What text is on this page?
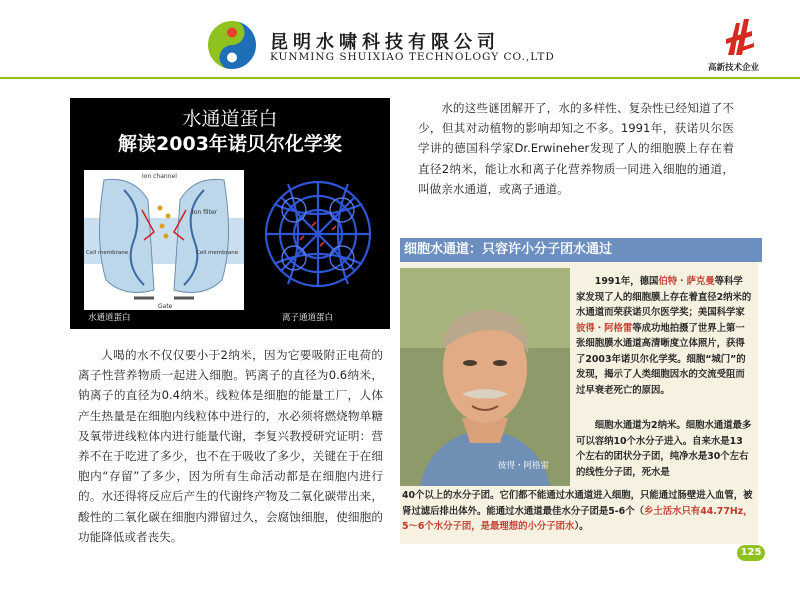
昆明水啸科技有限公司
KUNMING SHUIXIAO TECHNOLOGY CO.,LTD
高新技术企业
水通道蛋白
解读2003年诺贝尔化学奖
Ion channel
Ion filter
Cell membrane	Cell membrane
Gate
水通道蛋白	离子通道蛋白
人喝的水不仅仅要小于2纳米，因为它要吸附正电荷的离子性营养物质一起进入细胞。钙离子的直径为0.6纳米，钠离子的直径为0.4纳米。线粒体是细胞的能量工厂，人体产生热量是在细胞内线粒体中进行的，水必须将燃烧物单糖及氧带进线粒体内进行能量代谢，李复兴教授研究证明：营养不在于吃进了多少，也不在于吸收了多少，关键在于在细胞内“存留”了多少，因为所有生命活动都是在细胞内进行的。水还得将反应后产生的代谢终产物及二氧化碳带出来，酸性的二氧化碳在细胞内滞留过久，会腐蚀细胞，使细胞的功能降低或者丧失。
水的这些谜团解开了，水的多样性、复杂性已经知道了不少，但其对动植物的影响却知之不多。1991年，获诺贝尔医学讲的德国科学家Dr.Erwineher发现了人的细胞膜上存在着直径2纳米，能让水和离子化营养物质一同进入细胞的通道，叫做亲水通道，或离子通道。
细胞水通道：只容许小分子团水通过
彼得・阿格雷
1991年，德国伯特・萨克曼等科学家发现了人的细胞膜上存在着直径2纳米的水通道而荣获诺贝尔医学奖；美国科学家彼得・阿格雷等成功地拍摄了世界上第一张细胞膜水通道高清晰度立体照片，获得了2003年诺贝尔化学奖。细胞“城门”的发现，揭示了人类细胞因水的交流受阻而过早衰老死亡的原因。
细胞水通道为2纳米。细胞水通道最多可以容纳10个水分子进入。自来水是13个左右的团状分子团，纯净水是30个左右的线性分子团，死水是
40个以上的水分子团。它们都不能通过水通道进入细胞，只能通过肠壁进入血管，被肾过滤后排出体外。能通过水通道最佳水分子团是5-6个（乡土活水只有44.77Hz，5～6个水分子团，是最理想的小分子团水）。
125
